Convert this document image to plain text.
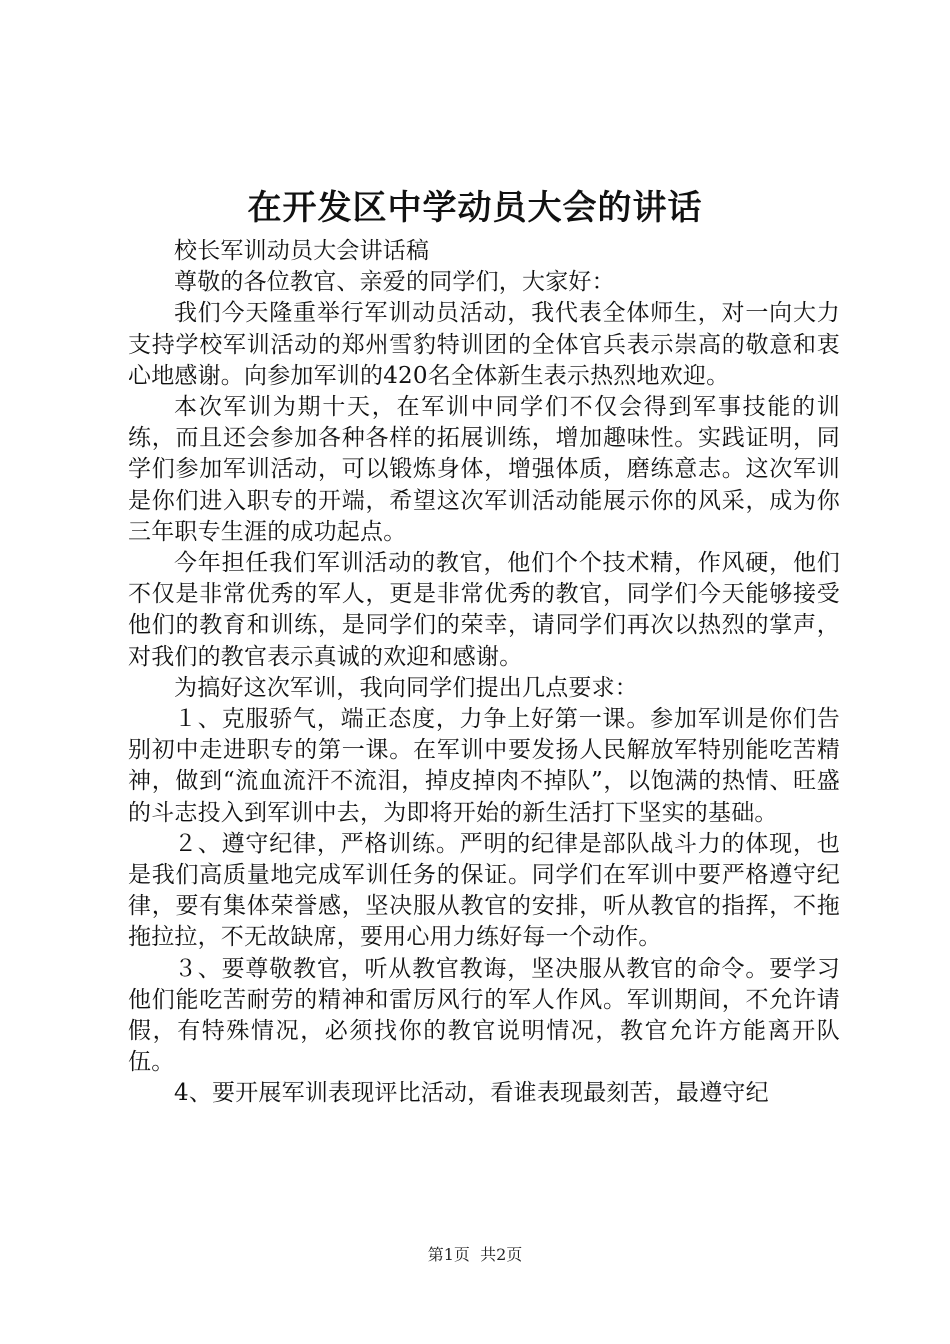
在开发区中学动员大会的讲话

校长军训动员大会讲话稿

尊敬的各位教官、亲爱的同学们，大家好：

我们今天隆重举行军训动员活动，我代表全体师生，对一向大力支持学校军训活动的郑州雪豹特训团的全体官兵表示崇高的敬意和衷心地感谢。向参加军训的420名全体新生表示热烈地欢迎。

本次军训为期十天，在军训中同学们不仅会得到军事技能的训练，而且还会参加各种各样的拓展训练，增加趣味性。实践证明，同学们参加军训活动，可以锻炼身体，增强体质，磨练意志。这次军训是你们进入职专的开端，希望这次军训活动能展示你的风采，成为你三年职专生涯的成功起点。

今年担任我们军训活动的教官，他们个个技术精，作风硬，他们不仅是非常优秀的军人，更是非常优秀的教官，同学们今天能够接受他们的教育和训练，是同学们的荣幸，请同学们再次以热烈的掌声，对我们的教官表示真诚的欢迎和感谢。

为搞好这次军训，我向同学们提出几点要求：

１、克服骄气，端正态度，力争上好第一课。参加军训是你们告别初中走进职专的第一课。在军训中要发扬人民解放军特别能吃苦精神，做到“流血流汗不流泪，掉皮掉肉不掉队”，以饱满的热情、旺盛的斗志投入到军训中去，为即将开始的新生活打下坚实的基础。

２、遵守纪律，严格训练。严明的纪律是部队战斗力的体现，也是我们高质量地完成军训任务的保证。同学们在军训中要严格遵守纪律，要有集体荣誉感，坚决服从教官的安排，听从教官的指挥，不拖拖拉拉，不无故缺席，要用心用力练好每一个动作。

３、要尊敬教官，听从教官教诲，坚决服从教官的命令。要学习他们能吃苦耐劳的精神和雷厉风行的军人作风。军训期间，不允许请假，有特殊情况，必须找你的教官说明情况，教官允许方能离开队伍。

4、要开展军训表现评比活动，看谁表现最刻苦，最遵守纪

第1页  共2页
